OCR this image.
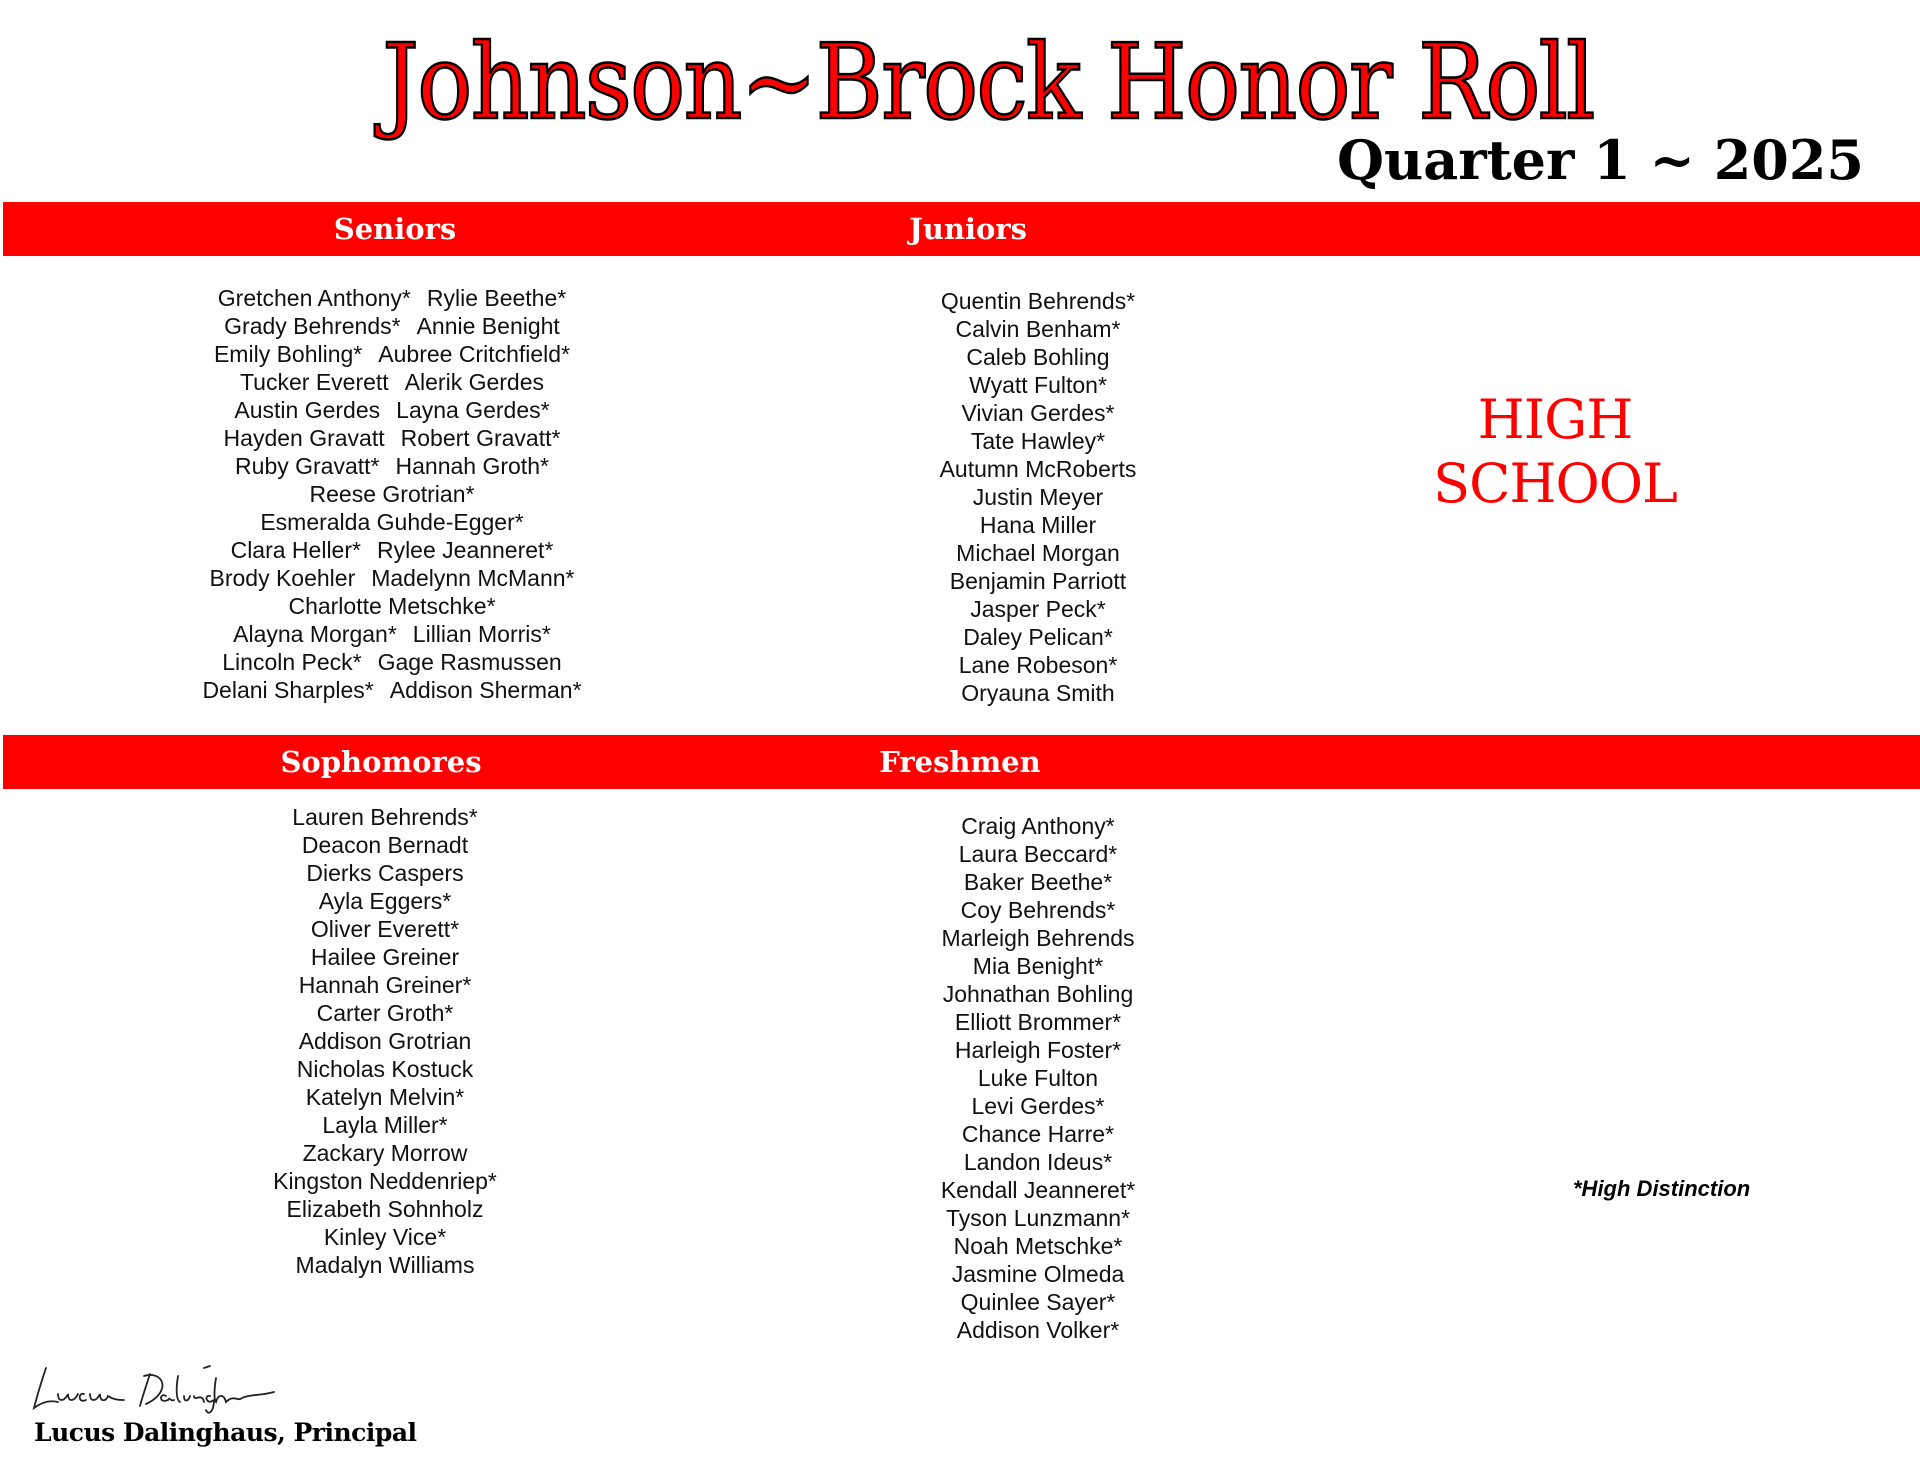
Johnson~Brock Honor Roll
Quarter 1 ~ 2025
Seniors	Juniors
Gretchen Anthony* Rylie Beethe*
Grady Behrends* Annie Benight
Emily Bohling* Aubree Critchfield*
Tucker Everett Alerik Gerdes
Austin Gerdes Layna Gerdes*
Hayden Gravatt Robert Gravatt*
Ruby Gravatt* Hannah Groth*
Reese Grotrian*
Esmeralda Guhde-Egger*
Clara Heller* Rylee Jeanneret*
Brody Koehler Madelynn McMann*
Charlotte Metschke*
Alayna Morgan* Lillian Morris*
Lincoln Peck* Gage Rasmussen
Delani Sharples* Addison Sherman*
Quentin Behrends*
Calvin Benham*
Caleb Bohling
Wyatt Fulton*
Vivian Gerdes*
Tate Hawley*
Autumn McRoberts
Justin Meyer
Hana Miller
Michael Morgan
Benjamin Parriott
Jasper Peck*
Daley Pelican*
Lane Robeson*
Oryauna Smith
HIGH
SCHOOL
Sophomores	Freshmen
Lauren Behrends*
Deacon Bernadt
Dierks Caspers
Ayla Eggers*
Oliver Everett*
Hailee Greiner
Hannah Greiner*
Carter Groth*
Addison Grotrian
Nicholas Kostuck
Katelyn Melvin*
Layla Miller*
Zackary Morrow
Kingston Neddenriep*
Elizabeth Sohnholz
Kinley Vice*
Madalyn Williams
Craig Anthony*
Laura Beccard*
Baker Beethe*
Coy Behrends*
Marleigh Behrends
Mia Benight*
Johnathan Bohling
Elliott Brommer*
Harleigh Foster*
Luke Fulton
Levi Gerdes*
Chance Harre*
Landon Ideus*
Kendall Jeanneret*
Tyson Lunzmann*
Noah Metschke*
Jasmine Olmeda
Quinlee Sayer*
Addison Volker*
*High Distinction
Lucus Dalinghaus, Principal
